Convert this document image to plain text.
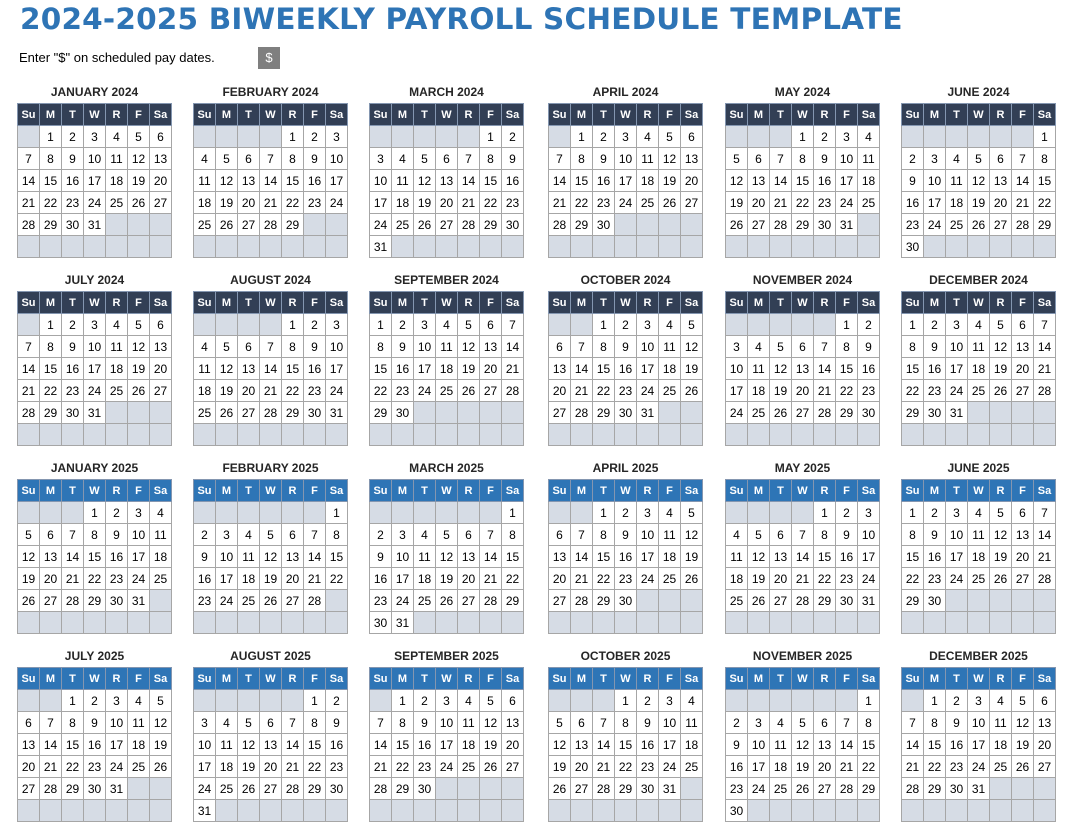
2024-2025 BIWEEKLY PAYROLL SCHEDULE TEMPLATE
Enter "$" on scheduled pay dates.	$
JANUARY 2024
Su	M	T	W	R	F	Sa
	1	2	3	4	5	6
7	8	9	10	11	12	13
14	15	16	17	18	19	20
21	22	23	24	25	26	27
28	29	30	31			

FEBRUARY 2024
Su	M	T	W	R	F	Sa
				1	2	3
4	5	6	7	8	9	10
11	12	13	14	15	16	17
18	19	20	21	22	23	24
25	26	27	28	29		

MARCH 2024
Su	M	T	W	R	F	Sa
					1	2
3	4	5	6	7	8	9
10	11	12	13	14	15	16
17	18	19	20	21	22	23
24	25	26	27	28	29	30
31						
APRIL 2024
Su	M	T	W	R	F	Sa
	1	2	3	4	5	6
7	8	9	10	11	12	13
14	15	16	17	18	19	20
21	22	23	24	25	26	27
28	29	30				

MAY 2024
Su	M	T	W	R	F	Sa
			1	2	3	4
5	6	7	8	9	10	11
12	13	14	15	16	17	18
19	20	21	22	23	24	25
26	27	28	29	30	31	

JUNE 2024
Su	M	T	W	R	F	Sa
						1
2	3	4	5	6	7	8
9	10	11	12	13	14	15
16	17	18	19	20	21	22
23	24	25	26	27	28	29
30						
JULY 2024
Su	M	T	W	R	F	Sa
	1	2	3	4	5	6
7	8	9	10	11	12	13
14	15	16	17	18	19	20
21	22	23	24	25	26	27
28	29	30	31			

AUGUST 2024
Su	M	T	W	R	F	Sa
				1	2	3
4	5	6	7	8	9	10
11	12	13	14	15	16	17
18	19	20	21	22	23	24
25	26	27	28	29	30	31

SEPTEMBER 2024
Su	M	T	W	R	F	Sa
1	2	3	4	5	6	7
8	9	10	11	12	13	14
15	16	17	18	19	20	21
22	23	24	25	26	27	28
29	30					

OCTOBER 2024
Su	M	T	W	R	F	Sa
		1	2	3	4	5
6	7	8	9	10	11	12
13	14	15	16	17	18	19
20	21	22	23	24	25	26
27	28	29	30	31		

NOVEMBER 2024
Su	M	T	W	R	F	Sa
					1	2
3	4	5	6	7	8	9
10	11	12	13	14	15	16
17	18	19	20	21	22	23
24	25	26	27	28	29	30

DECEMBER 2024
Su	M	T	W	R	F	Sa
1	2	3	4	5	6	7
8	9	10	11	12	13	14
15	16	17	18	19	20	21
22	23	24	25	26	27	28
29	30	31				

JANUARY 2025
Su	M	T	W	R	F	Sa
			1	2	3	4
5	6	7	8	9	10	11
12	13	14	15	16	17	18
19	20	21	22	23	24	25
26	27	28	29	30	31	

FEBRUARY 2025
Su	M	T	W	R	F	Sa
						1
2	3	4	5	6	7	8
9	10	11	12	13	14	15
16	17	18	19	20	21	22
23	24	25	26	27	28	

MARCH 2025
Su	M	T	W	R	F	Sa
						1
2	3	4	5	6	7	8
9	10	11	12	13	14	15
16	17	18	19	20	21	22
23	24	25	26	27	28	29
30	31					
APRIL 2025
Su	M	T	W	R	F	Sa
		1	2	3	4	5
6	7	8	9	10	11	12
13	14	15	16	17	18	19
20	21	22	23	24	25	26
27	28	29	30			

MAY 2025
Su	M	T	W	R	F	Sa
				1	2	3
4	5	6	7	8	9	10
11	12	13	14	15	16	17
18	19	20	21	22	23	24
25	26	27	28	29	30	31

JUNE 2025
Su	M	T	W	R	F	Sa
1	2	3	4	5	6	7
8	9	10	11	12	13	14
15	16	17	18	19	20	21
22	23	24	25	26	27	28
29	30					

JULY 2025
Su	M	T	W	R	F	Sa
		1	2	3	4	5
6	7	8	9	10	11	12
13	14	15	16	17	18	19
20	21	22	23	24	25	26
27	28	29	30	31		

AUGUST 2025
Su	M	T	W	R	F	Sa
					1	2
3	4	5	6	7	8	9
10	11	12	13	14	15	16
17	18	19	20	21	22	23
24	25	26	27	28	29	30
31						
SEPTEMBER 2025
Su	M	T	W	R	F	Sa
	1	2	3	4	5	6
7	8	9	10	11	12	13
14	15	16	17	18	19	20
21	22	23	24	25	26	27
28	29	30				

OCTOBER 2025
Su	M	T	W	R	F	Sa
			1	2	3	4
5	6	7	8	9	10	11
12	13	14	15	16	17	18
19	20	21	22	23	24	25
26	27	28	29	30	31	

NOVEMBER 2025
Su	M	T	W	R	F	Sa
						1
2	3	4	5	6	7	8
9	10	11	12	13	14	15
16	17	18	19	20	21	22
23	24	25	26	27	28	29
30						
DECEMBER 2025
Su	M	T	W	R	F	Sa
	1	2	3	4	5	6
7	8	9	10	11	12	13
14	15	16	17	18	19	20
21	22	23	24	25	26	27
28	29	30	31			
